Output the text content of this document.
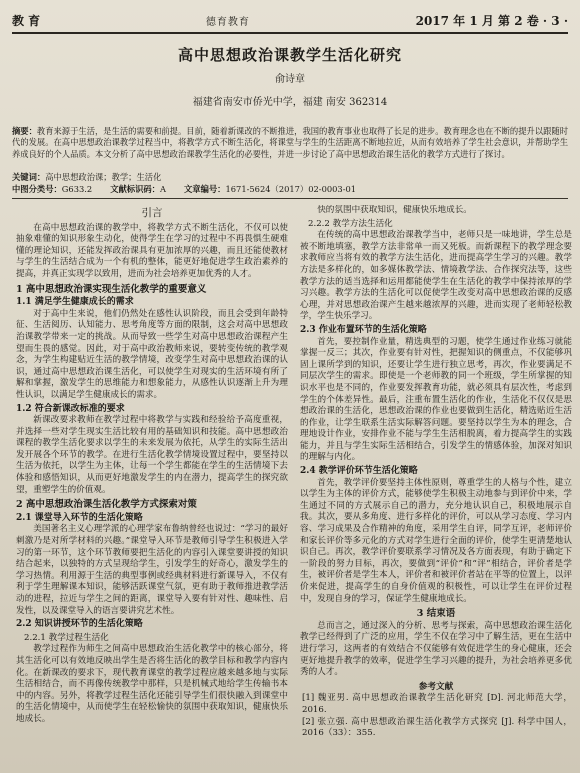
教 育	德育教育	2017 年 1 月 第 2 卷 · 3 ·
高中思想政治课教学生活化研究
俞诗章
福建省南安市侨光中学，福建 南安 362314
摘要：教育来源于生活，是生活的需要和前提。目前，随着新课改的不断推进，我国的教育事业也取得了长足的进步。教育理念也在不断的提升以跟随时代的发展。在高中思想政治课教学过程当中，将教学方式不断生活化，将课堂与学生的生活距离不断地拉近，从而有效培养了学生社会意识，并帮助学生养成良好的个人品质。本文分析了高中思想政治课教学生活化的必要性，并进一步讨论了高中思想政治课生活化的教学方式进行了探讨。
关键词：高中思想政治课；教学；生活化
中图分类号：G633.2 文献标识码：A 文章编号：1671-5624（2017）02-0003-01
引言

在高中思想政治课的教学中，将教学方式不断生活化，不仅可以使抽象难懂的知识形象生动化，使得学生在学习的过程中不再畏惧生硬难懂的理论知识，还能发挥政治课具有更加浓厚的兴趣，而且还能使教材与学生的生活结合成为一个有机的整体，能更好地促进学生政治素养的提高，并真正实现学以致用，进而为社会培养更加优秀的人才。

1 高中思想政治课实现生活化教学的重要意义
1.1 满足学生健康成长的需求

对于高中生来说，他们仍然处在感性认识阶段，而且会受到年龄特征、生活阅历、认知能力、思考角度等方面的限制，这会对高中思想政治课教学带来一定的挑战。从而导致一些学生对高中思想政治课程产生望而生畏的感觉。因此，对于高中政治教师来说，要转变传统的教学观念，为学生构建贴近生活的教学情境，改变学生对高中思想政治课的认识，通过高中思想政治课生活化，可以使学生对现实的生活环境有所了解和掌握，激发学生的思维能力和想象能力，从感性认识逐渐上升为理性认识，以满足学生健康成长的需求。

1.2 符合新课改标准的要求

新课改要求教师在教学过程中将教学与实践和经验给予高度重视，并选择一些对学生现实生活比较有用的基础知识和技能。高中思想政治课程的教学生活化要求以学生的未来发展为依托，从学生的实际生活出发开展各个环节的教学。在进行生活化教学情境设置过程中，要坚持以生活为依托，以学生为主体，让每一个学生都能在学生的生活情境下去体验和感悟知识，从而更好地激发学生的内在潜力，提高学生的探究欲望，重塑学生的价值观。

2 高中思想政治课生活化教学方式探索对策
2.1 课堂导入环节的生活化策略

美国著名主义心理学派的心理学家布鲁纳曾经也说过：“学习的最好刺激乃是对所学材料的兴趣。”课堂导入环节是教师引导学生积极进入学习的第一环节，这个环节教师要把生活化的内容引入课堂要讲授的知识结合起来，以独特的方式呈现给学生，引发学生的好奇心，激发学生的学习热情。利用源于生活的典型事例或经典材料进行新课导入，不仅有利于学生理解课本知识，能够活跃课堂气氛，更有助于教师推进教学活动的进程，拉近与学生之间的距离，课堂导入要有针对性、趣味性、启发性，以及课堂导入的语言要讲究艺术性。

2.2 知识讲授环节的生活化策略
2.2.1 教学过程生活化

教学过程作为师生之间高中思想政治生活化教学中的核心部分，将其生活化可以有效地反映出学生是否将生活化的教学目标和教学内容内化。在新课改的要求下，现代教育课堂的教学过程应越来越多地与实际生活相结合，而不再像传统教学中那样，只是机械式地给学生传输书本中的内容。另外，将教学过程生活化还能引导学生们很快融入到课堂中的生活化情境中，从而使学生在轻松愉快的氛围中获取知识，健康快乐地成长。

快的氛围中获取知识，健康快乐地成长。

2.2.2 教学方法生活化

在传统的高中思想政治课教学当中，老师只是一味地讲，学生总是被不断地填塞，教学方法非常单一而又死板。而新课程下的教学理念要求教师应当将有效的教学方法生活化，进而提高学生学习的兴趣。教学方法是多样化的，如多媒体教学法、情境教学法、合作探究法等，这些教学方法的适当选择和运用都能使学生在生活化的教学中保持浓厚的学习兴趣。教学方法的生活化可以促使学生改变对高中思想政治课的反感心理，并对思想政治课产生越来越浓厚的兴趣，进而实现了老师轻松教学，学生快乐学习。

2.3 作业布置环节的生活化策略

首先，要控制作业量，精选典型的习题，使学生通过作业练习就能掌握一反三；其次，作业要有针对性，把握知识的侧重点，不仅能够巩固上课所学到的知识，还要让学生进行独立思考，再次，作业要满足不同层次学生的需求。即使是一个老师教的同一个班级，学生所掌握的知识水平也是不同的，作业要发挥教育功能，就必须具有层次性，考虑到学生的个体差异性。最后，注重布置生活化的作业，生活化不仅仅是思想政治课的生活化，思想政治课的作业也要做到生活化，精选贴近生活的作业，让学生联系生活实际解答问题。要坚持以学生为本的理念，合理地设计作业，安排作业不能与学生生活相脱离，着力提高学生的实践能力，并且与学生实际生活相结合，引发学生的情感体验，加深对知识的理解与内化。

2.4 教学评价环节生活化策略

首先，教学评价要坚持主体性原则，尊重学生的人格与个性，建立以学生为主体的评价方式，能够使学生积极主动地参与到评价中来，学生通过不同的方式展示自己的潜力，充分地认识自己，积极地展示自我。其次，要从多角度、进行多样化的评价，可以从学习态度、学习内容、学习成果及合作精神的角度，采用学生自评，同学互评，老师评价和家长评价等多元化的方式对学生进行全面的评价，使学生更清楚地认识自己。再次，教学评价要联系学习情况及各方面表现，有助于确定下一阶段的努力目标，再次，要做到“评价”和“评”相结合，评价者是学生，被评价者是学生本人，评价者和被评价者站在平等的位置上，以评价来促进，提高学生的自身价值观的积极性，可以让学生在评价过程中，发现自身的学习，保证学生健康地成长。

3 结束语

总而言之，通过深入的分析、思考与探索，高中思想政治课生活化教学已经得到了广泛的应用，学生不仅在学习中了解生活，更在生活中进行学习，这两者的有效结合不仅能够有效促进学生的身心健康，还会更好地提升教学的效率，促进学生学习兴趣的提升，为社会培养更多优秀的人才。

参考文献
[1] 魏亚男. 高中思想政治课教学生活化研究 [D]. 河北师范大学，2016.
[2] 张立强. 高中思想政治课生活化教学方式探究 [J]. 科学中国人，2016（33）：355.
